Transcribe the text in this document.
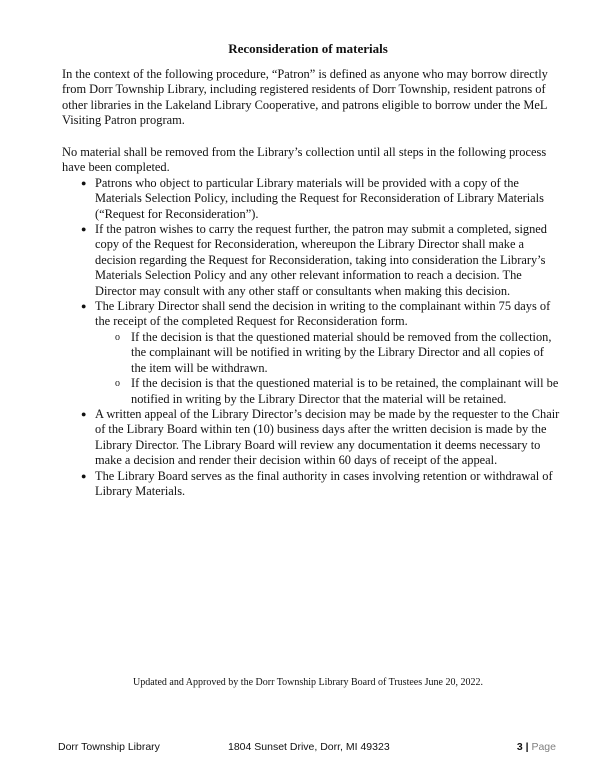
Reconsideration of materials
In the context of the following procedure, “Patron” is defined as anyone who may borrow directly from Dorr Township Library, including registered residents of Dorr Township, resident patrons of other libraries in the Lakeland Library Cooperative, and patrons eligible to borrow under the MeL Visiting Patron program.
No material shall be removed from the Library’s collection until all steps in the following process have been completed.
● Patrons who object to particular Library materials will be provided with a copy of the Materials Selection Policy, including the Request for Reconsideration of Library Materials (“Request for Reconsideration”).
● If the patron wishes to carry the request further, the patron may submit a completed, signed copy of the Request for Reconsideration, whereupon the Library Director shall make a decision regarding the Request for Reconsideration, taking into consideration the Library’s Materials Selection Policy and any other relevant information to reach a decision. The Director may consult with any other staff or consultants when making this decision.
● The Library Director shall send the decision in writing to the complainant within 75 days of the receipt of the completed Request for Reconsideration form.
o If the decision is that the questioned material should be removed from the collection, the complainant will be notified in writing by the Library Director and all copies of the item will be withdrawn.
o If the decision is that the questioned material is to be retained, the complainant will be notified in writing by the Library Director that the material will be retained.
● A written appeal of the Library Director’s decision may be made by the requester to the Chair of the Library Board within ten (10) business days after the written decision is made by the Library Director. The Library Board will review any documentation it deems necessary to make a decision and render their decision within 60 days of receipt of the appeal.
● The Library Board serves as the final authority in cases involving retention or withdrawal of Library Materials.
Updated and Approved by the Dorr Township Library Board of Trustees June 20, 2022.
Dorr Township Library	1804 Sunset Drive, Dorr, MI 49323	3 | Page
